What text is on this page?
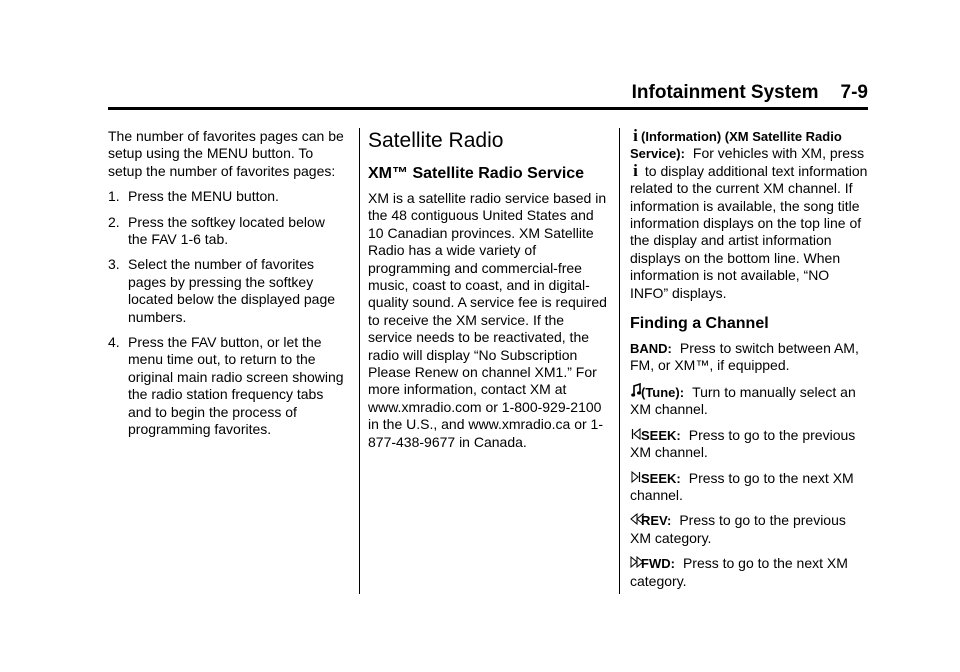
Infotainment System 7-9

The number of favorites pages can be setup using the MENU button. To setup the number of favorites pages:

1. Press the MENU button.
2. Press the softkey located below the FAV 1-6 tab.
3. Select the number of favorites pages by pressing the softkey located below the displayed page numbers.
4. Press the FAV button, or let the menu time out, to return to the original main radio screen showing the radio station frequency tabs and to begin the process of programming favorites.
Satellite Radio
XM™ Satellite Radio Service

XM is a satellite radio service based in the 48 contiguous United States and 10 Canadian provinces. XM Satellite Radio has a wide variety of programming and commercial-free music, coast to coast, and in digital-quality sound. A service fee is required to receive the XM service. If the service needs to be reactivated, the radio will display “No Subscription Please Renew on channel XM1.” For more information, contact XM at www.xmradio.com or 1-800-929-2100 in the U.S., and www.xmradio.ca or 1-877-438-9677 in Canada.

i (Information) (XM Satellite Radio Service): For vehicles with XM, press i to display additional text information related to the current XM channel. If information is available, the song title information displays on the top line of the display and artist information displays on the bottom line. When information is not available, “NO INFO” displays.

Finding a Channel

BAND: Press to switch between AM, FM, or XM™, if equipped.

(Tune): Turn to manually select an XM channel.

SEEK: Press to go to the previous XM channel.

SEEK: Press to go to the next XM channel.

REV: Press to go to the previous XM category.

FWD: Press to go to the next XM category.
